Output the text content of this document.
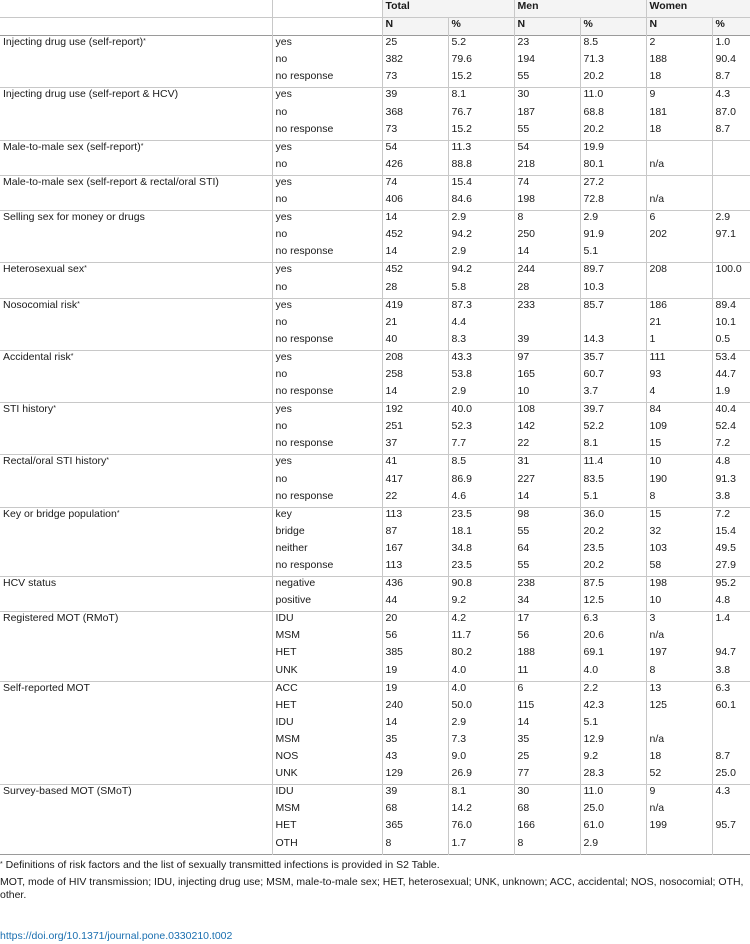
		Total		Men		Women	
		N	%	N	%	N	%
Injecting drug use (self-report)*	yes	25	5.2	23	8.5	2	1.0
	no	382	79.6	194	71.3	188	90.4
	no response	73	15.2	55	20.2	18	8.7
Injecting drug use (self-report & HCV)	yes	39	8.1	30	11.0	9	4.3
	no	368	76.7	187	68.8	181	87.0
	no response	73	15.2	55	20.2	18	8.7
Male-to-male sex (self-report)*	yes	54	11.3	54	19.9		
	no	426	88.8	218	80.1	n/a	
Male-to-male sex (self-report & rectal/oral STI)	yes	74	15.4	74	27.2		
	no	406	84.6	198	72.8	n/a	
Selling sex for money or drugs	yes	14	2.9	8	2.9	6	2.9
	no	452	94.2	250	91.9	202	97.1
	no response	14	2.9	14	5.1		
Heterosexual sex*	yes	452	94.2	244	89.7	208	100.0
	no	28	5.8	28	10.3		
Nosocomial risk*	yes	419	87.3	233	85.7	186	89.4
	no	21	4.4			21	10.1
	no response	40	8.3	39	14.3	1	0.5
Accidental risk*	yes	208	43.3	97	35.7	111	53.4
	no	258	53.8	165	60.7	93	44.7
	no response	14	2.9	10	3.7	4	1.9
STI history*	yes	192	40.0	108	39.7	84	40.4
	no	251	52.3	142	52.2	109	52.4
	no response	37	7.7	22	8.1	15	7.2
Rectal/oral STI history*	yes	41	8.5	31	11.4	10	4.8
	no	417	86.9	227	83.5	190	91.3
	no response	22	4.6	14	5.1	8	3.8
Key or bridge population*	key	113	23.5	98	36.0	15	7.2
	bridge	87	18.1	55	20.2	32	15.4
	neither	167	34.8	64	23.5	103	49.5
	no response	113	23.5	55	20.2	58	27.9
HCV status	negative	436	90.8	238	87.5	198	95.2
	positive	44	9.2	34	12.5	10	4.8
Registered MOT (RMoT)	IDU	20	4.2	17	6.3	3	1.4
	MSM	56	11.7	56	20.6	n/a	
	HET	385	80.2	188	69.1	197	94.7
	UNK	19	4.0	11	4.0	8	3.8
Self-reported MOT	ACC	19	4.0	6	2.2	13	6.3
	HET	240	50.0	115	42.3	125	60.1
	IDU	14	2.9	14	5.1		
	MSM	35	7.3	35	12.9	n/a	
	NOS	43	9.0	25	9.2	18	8.7
	UNK	129	26.9	77	28.3	52	25.0
Survey-based MOT (SMoT)	IDU	39	8.1	30	11.0	9	4.3
	MSM	68	14.2	68	25.0	n/a	
	HET	365	76.0	166	61.0	199	95.7
	OTH	8	1.7	8	2.9		
* Definitions of risk factors and the list of sexually transmitted infections is provided in S2 Table.
MOT, mode of HIV transmission; IDU, injecting drug use; MSM, male-to-male sex; HET, heterosexual; UNK, unknown; ACC, accidental; NOS, nosocomial; OTH, other.
https://doi.org/10.1371/journal.pone.0330210.t002
